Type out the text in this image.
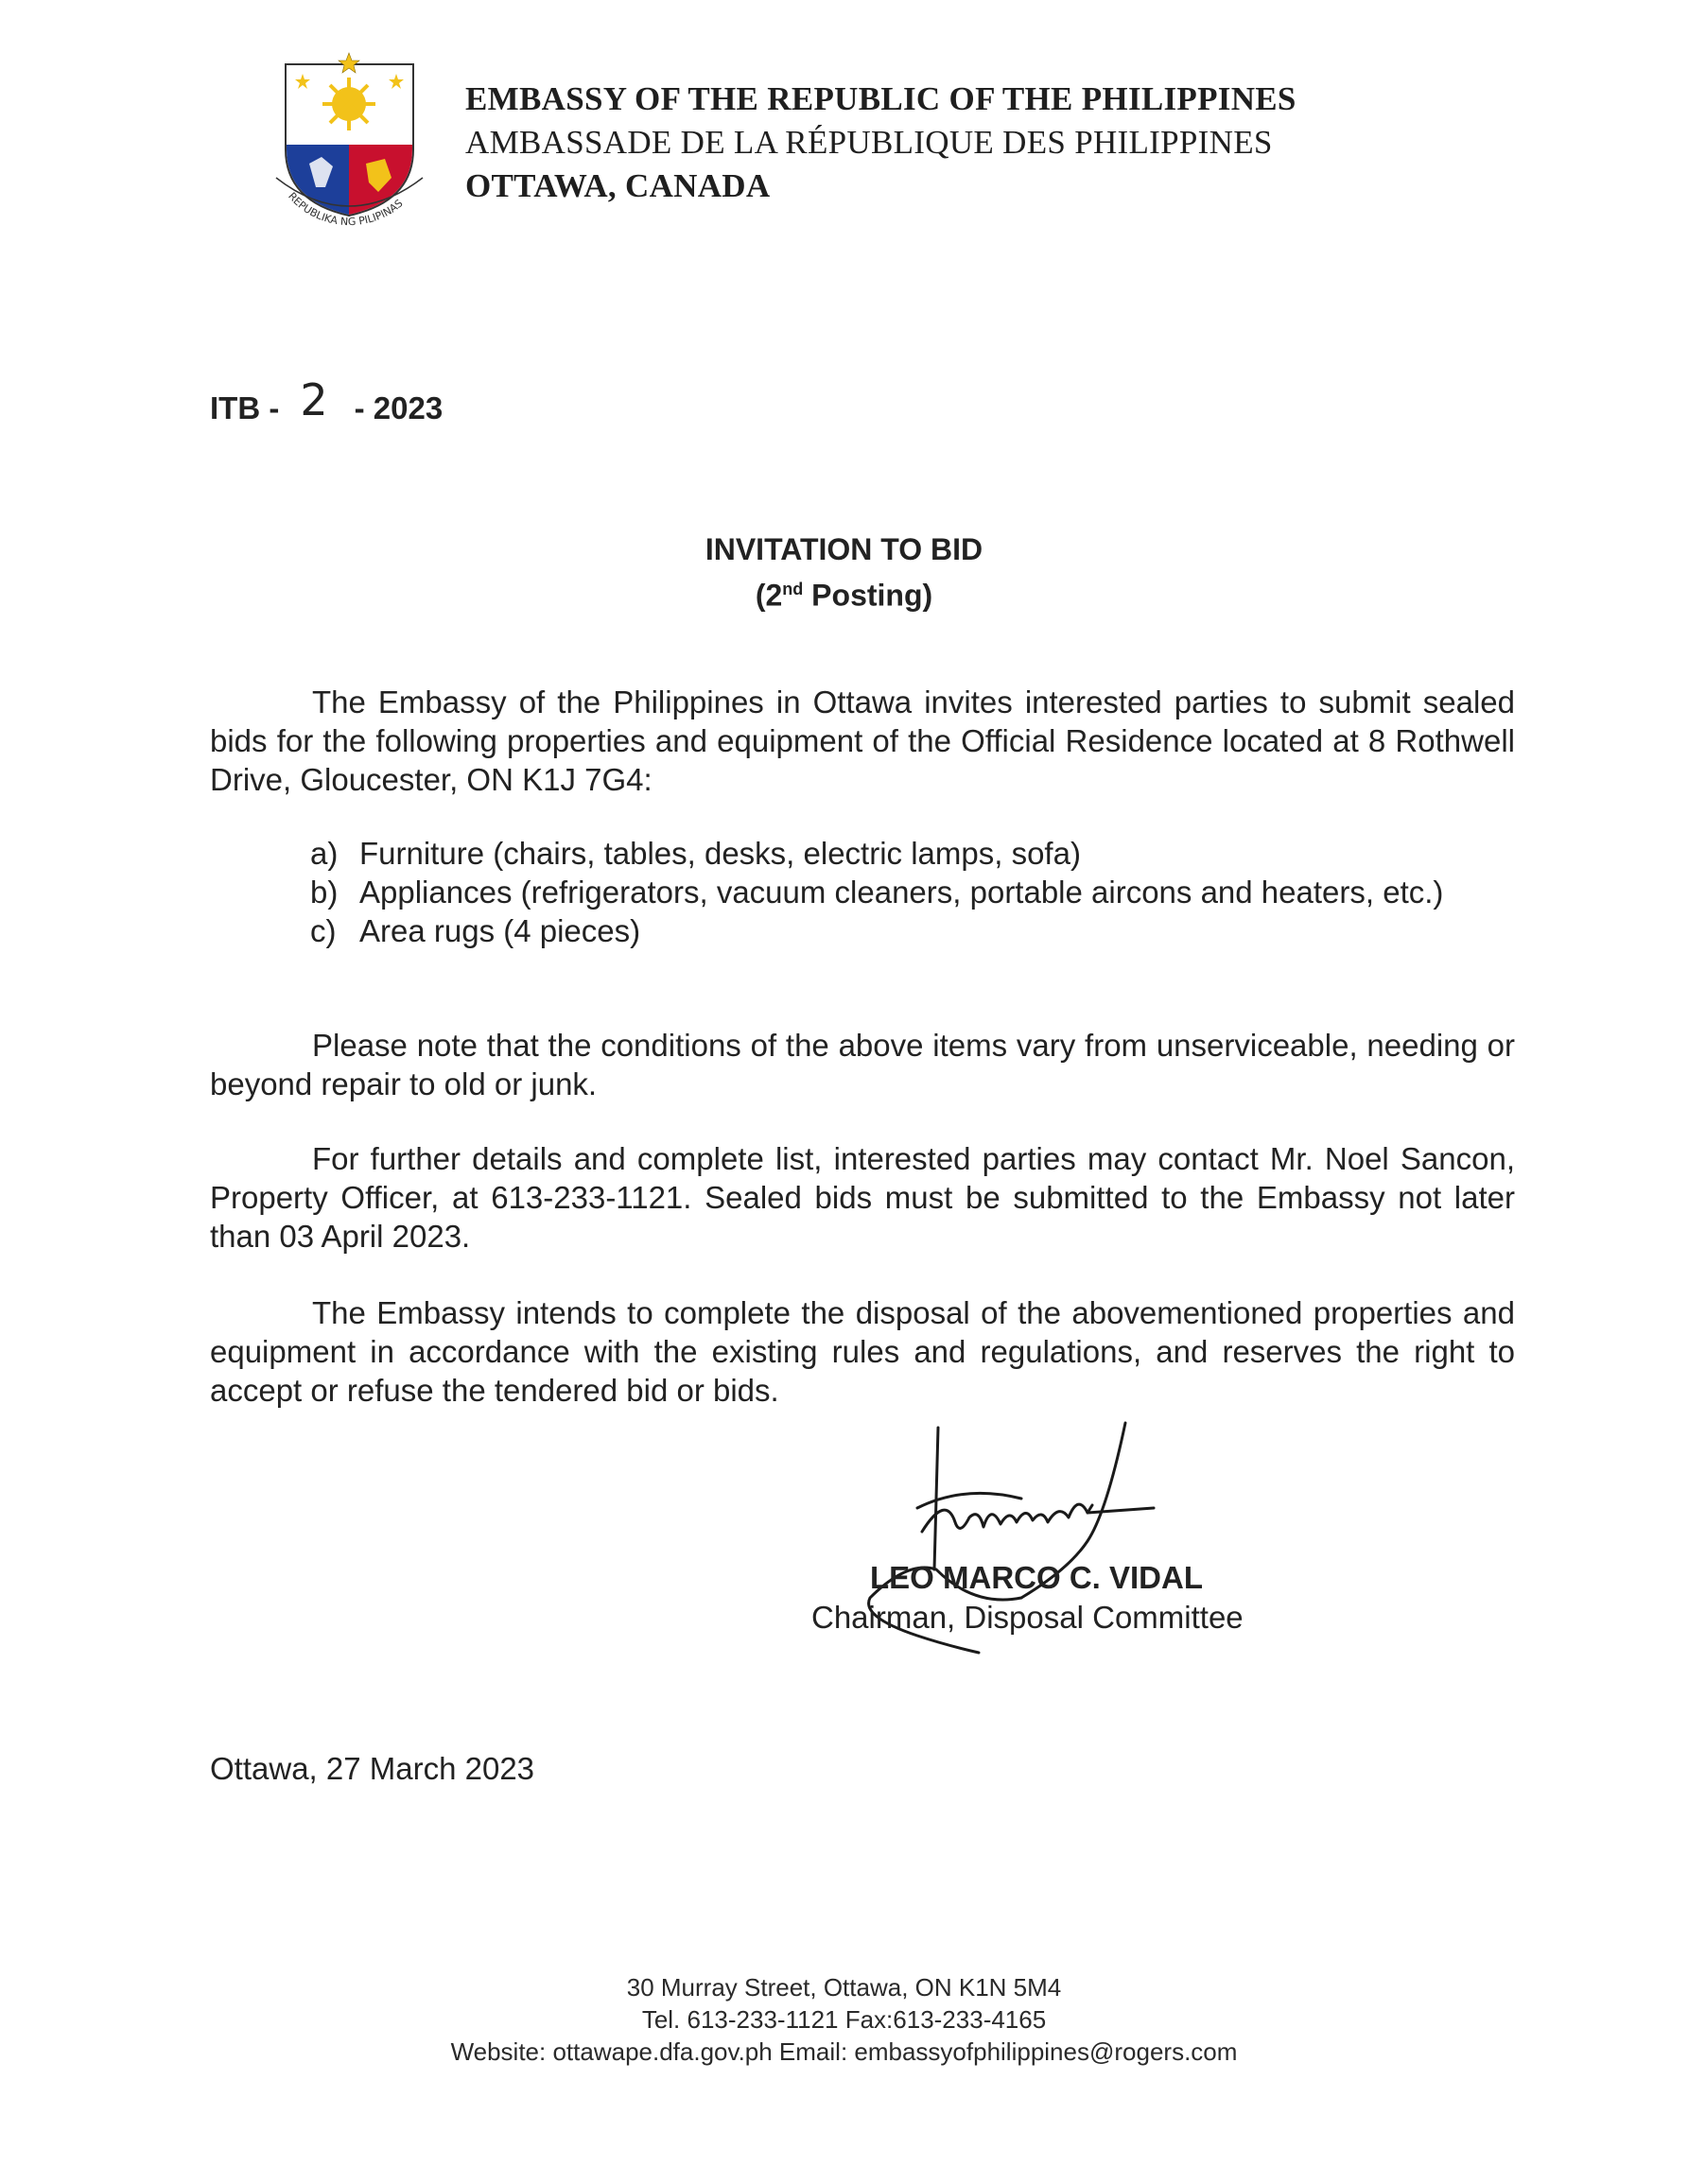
REPUBLIKA NG PILIPINAS
EMBASSY OF THE REPUBLIC OF THE PHILIPPINES
AMBASSADE DE LA RÉPUBLIQUE DES PHILIPPINES
OTTAWA, CANADA
ITB - 2 - 2023
INVITATION TO BID
(2nd Posting)

The Embassy of the Philippines in Ottawa invites interested parties to submit sealed bids for the following properties and equipment of the Official Residence located at 8 Rothwell Drive, Gloucester, ON K1J 7G4:

a) Furniture (chairs, tables, desks, electric lamps, sofa)
b) Appliances (refrigerators, vacuum cleaners, portable aircons and heaters, etc.)
c) Area rugs (4 pieces)

Please note that the conditions of the above items vary from unserviceable, needing or beyond repair to old or junk.

For further details and complete list, interested parties may contact Mr. Noel Sancon, Property Officer, at 613-233-1121. Sealed bids must be submitted to the Embassy not later than 03 April 2023.

The Embassy intends to complete the disposal of the abovementioned properties and equipment in accordance with the existing rules and regulations, and reserves the right to accept or refuse the tendered bid or bids.

LEO MARCO C. VIDAL
Chairman, Disposal Committee
Ottawa, 27 March 2023
30 Murray Street, Ottawa, ON K1N 5M4
Tel. 613-233-1121 Fax:613-233-4165
Website: ottawape.dfa.gov.ph Email: embassyofphilippines@rogers.com
